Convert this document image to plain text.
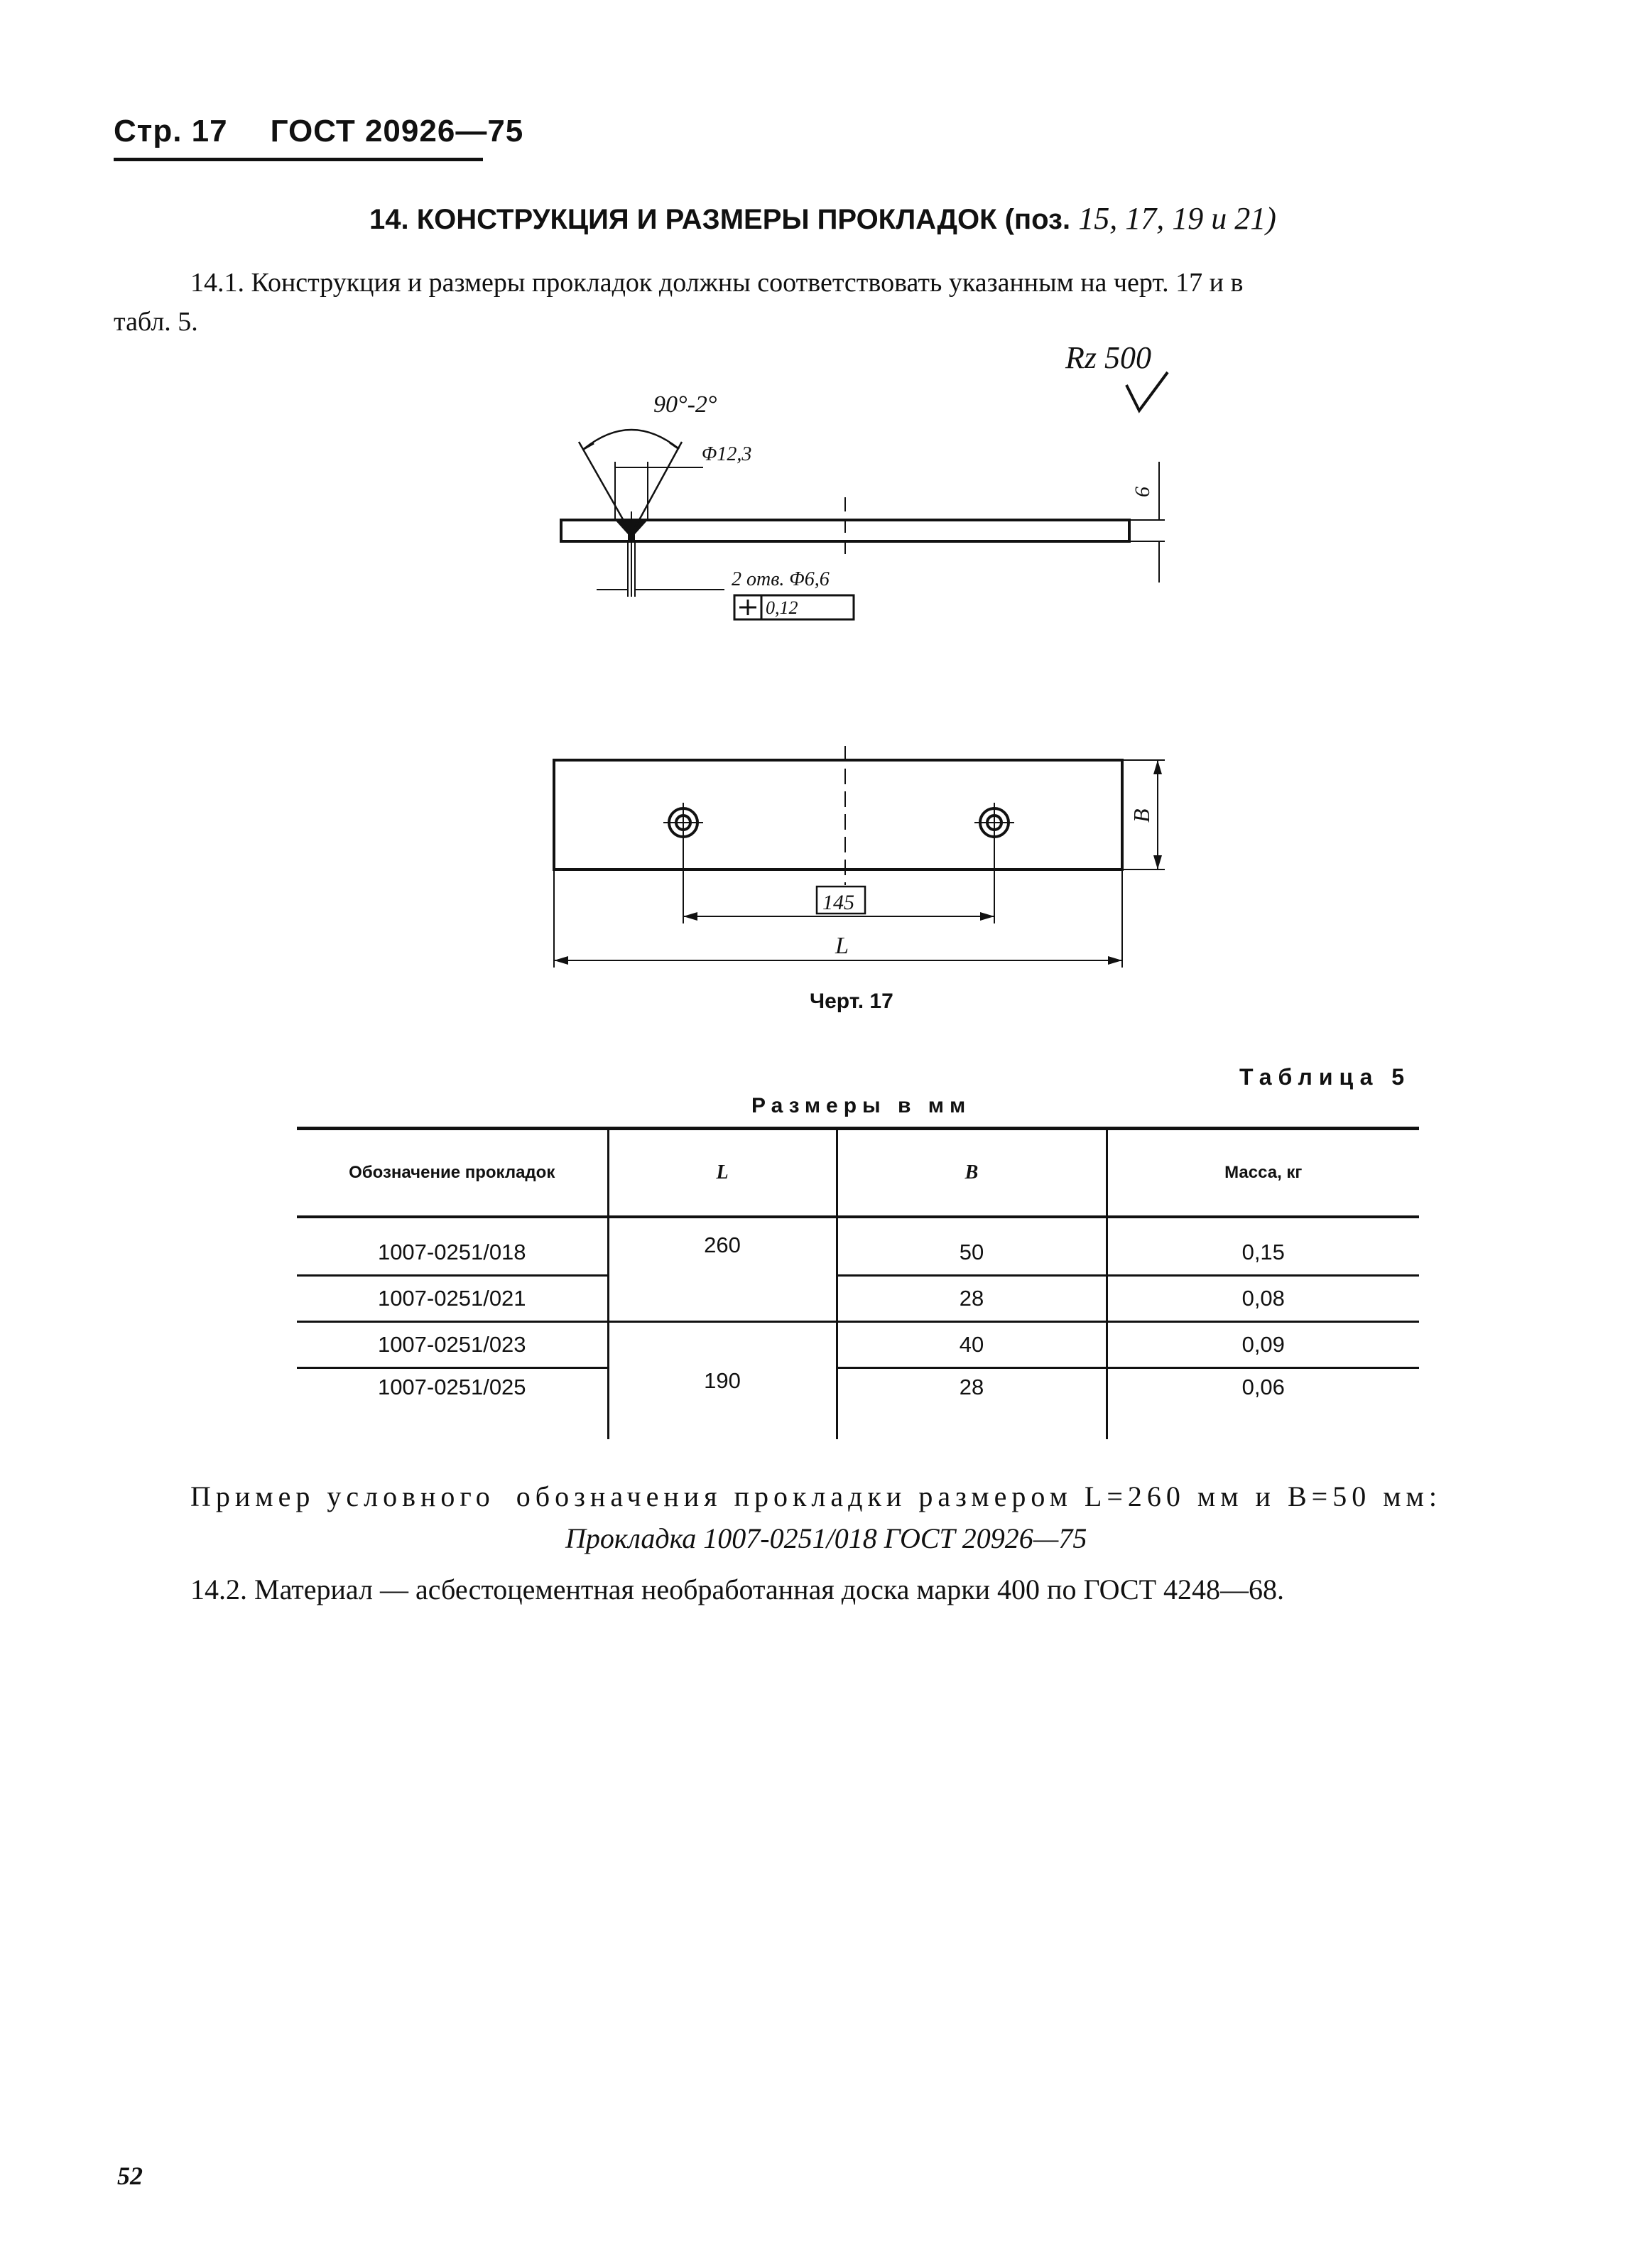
Стр. 17 ГОСТ 20926—75
14. КОНСТРУКЦИЯ И РАЗМЕРЫ ПРОКЛАДОК (поз. 15, 17, 19 и 21)
14.1. Конструкция и размеры прокладок должны соответствовать указанным на черт. 17 и в
табл. 5.
Rz 500
90°-2°
Φ12,3
2 отв. Φ6,6
0,12
6
145
L
B
Черт. 17
Таблица 5
Размеры в мм
Обозначение прокладок	L	B	Масса, кг
1007-0251/018	260	50	0,15
1007-0251/021		28	0,08
1007-0251/023	190	40	0,09
1007-0251/025		28	0,06
Пример условного обозначения прокладки размером L=260 мм и B=50 мм:
Прокладка 1007-0251/018 ГОСТ 20926—75
14.2. Материал — асбестоцементная необработанная доска марки 400 по ГОСТ 4248—68.
52
